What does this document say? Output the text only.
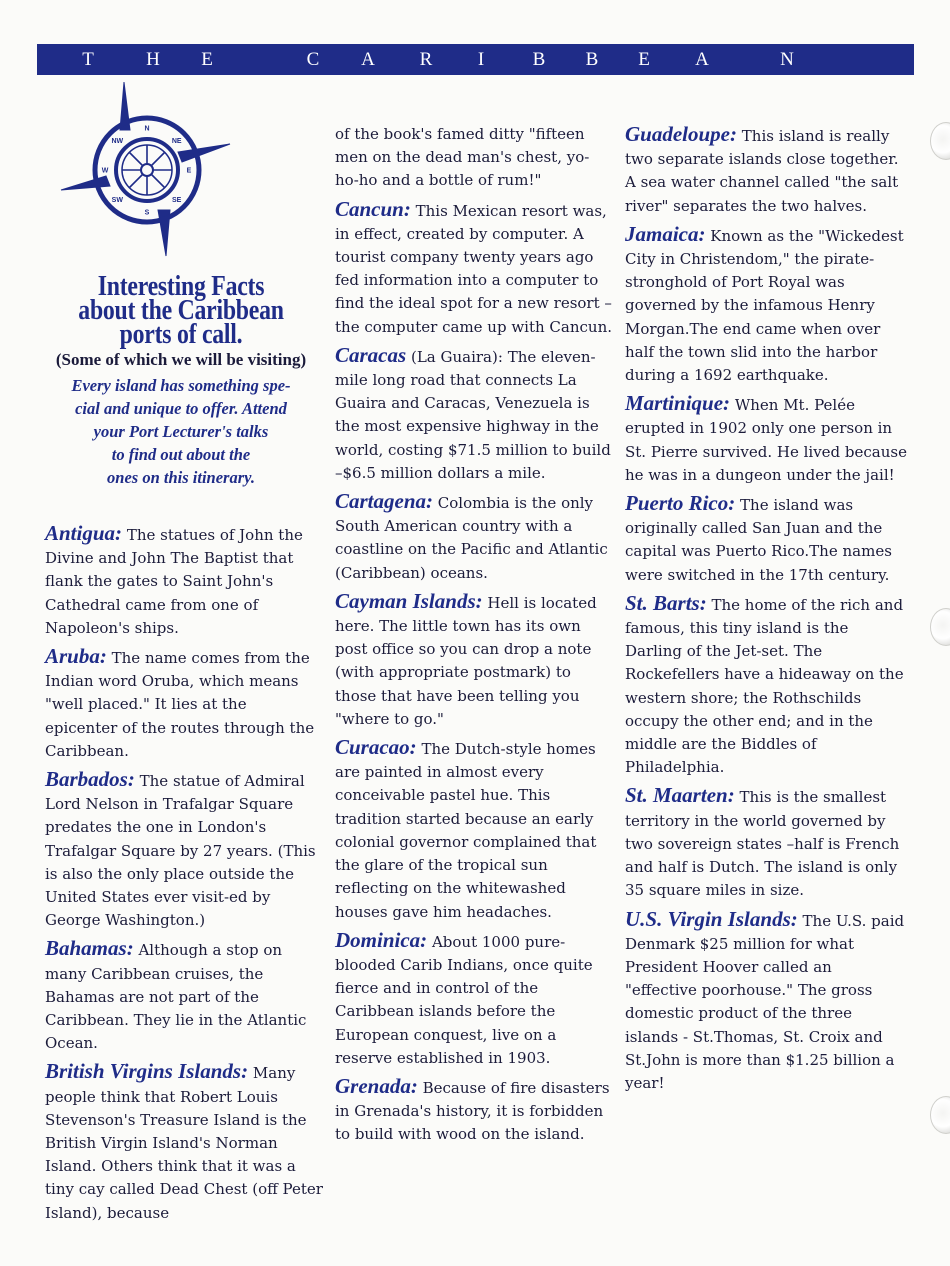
T	H E	C A R I	B B E A	N
N
NE
E
SE
S
SW
W
NW
Interesting Facts
about the Caribbean
ports of call.
(Some of which we will be visiting)
Every island has something spe-
cial and unique to offer. Attend
your Port Lecturer's talks
to find out about the
ones on this itinerary.
Antigua: The statues of John the Divine and John The Baptist that flank the gates to Saint John's Cathedral came from one of Napoleon's ships.
Aruba: The name comes from the Indian word Oruba, which means "well placed." It lies at the epicenter of the routes through the Caribbean.
Barbados: The statue of Admiral Lord Nelson in Trafalgar Square predates the one in London's Trafalgar Square by 27 years. (This is also the only place outside the United States ever visit-ed by George Washington.)
Bahamas: Although a stop on many Caribbean cruises, the Bahamas are not part of the Caribbean. They lie in the Atlantic Ocean.
British Virgins Islands: Many people think that Robert Louis Stevenson's Treasure Island is the British Virgin Island's Norman Island. Others think that it was a tiny cay called Dead Chest (off Peter Island), because
of the book's famed ditty "fifteen men on the dead man's chest, yo-ho-ho and a bottle of rum!"
Cancun: This Mexican resort was, in effect, created by computer. A tourist company twenty years ago fed information into a computer to find the ideal spot for a new resort –the computer came up with Cancun.
Caracas (La Guaira): The eleven-mile long road that connects La Guaira and Caracas, Venezuela is the most expensive highway in the world, costing $71.5 million to build –$6.5 million dollars a mile.
Cartagena: Colombia is the only South American country with a coastline on the Pacific and Atlantic (Caribbean) oceans.
Cayman Islands: Hell is located here. The little town has its own post office so you can drop a note (with appropriate postmark) to those that have been telling you "where to go."
Curacao: The Dutch-style homes are painted in almost every conceivable pastel hue. This tradition started because an early colonial governor complained that the glare of the tropical sun reflecting on the whitewashed houses gave him headaches.
Dominica: About 1000 pure-blooded Carib Indians, once quite fierce and in control of the Caribbean islands before the European conquest, live on a reserve established in 1903.
Grenada: Because of fire disasters in Grenada's history, it is forbidden to build with wood on the island.
Guadeloupe: This island is really two separate islands close together. A sea water channel called "the salt river" separates the two halves.
Jamaica: Known as the "Wickedest City in Christendom," the pirate-stronghold of Port Royal was governed by the infamous Henry Morgan.The end came when over half the town slid into the harbor during a 1692 earthquake.
Martinique: When Mt. Pelée erupted in 1902 only one person in St. Pierre survived. He lived because he was in a dungeon under the jail!
Puerto Rico: The island was originally called San Juan and the capital was Puerto Rico.The names were switched in the 17th century.
St. Barts: The home of the rich and famous, this tiny island is the Darling of the Jet-set. The Rockefellers have a hideaway on the western shore; the Rothschilds occupy the other end; and in the middle are the Biddles of Philadelphia.
St. Maarten: This is the smallest territory in the world governed by two sovereign states –half is French and half is Dutch. The island is only 35 square miles in size.
U.S. Virgin Islands: The U.S. paid Denmark $25 million for what President Hoover called an "effective poorhouse." The gross domestic product of the three islands - St.Thomas, St. Croix and St.John is more than $1.25 billion a year!
